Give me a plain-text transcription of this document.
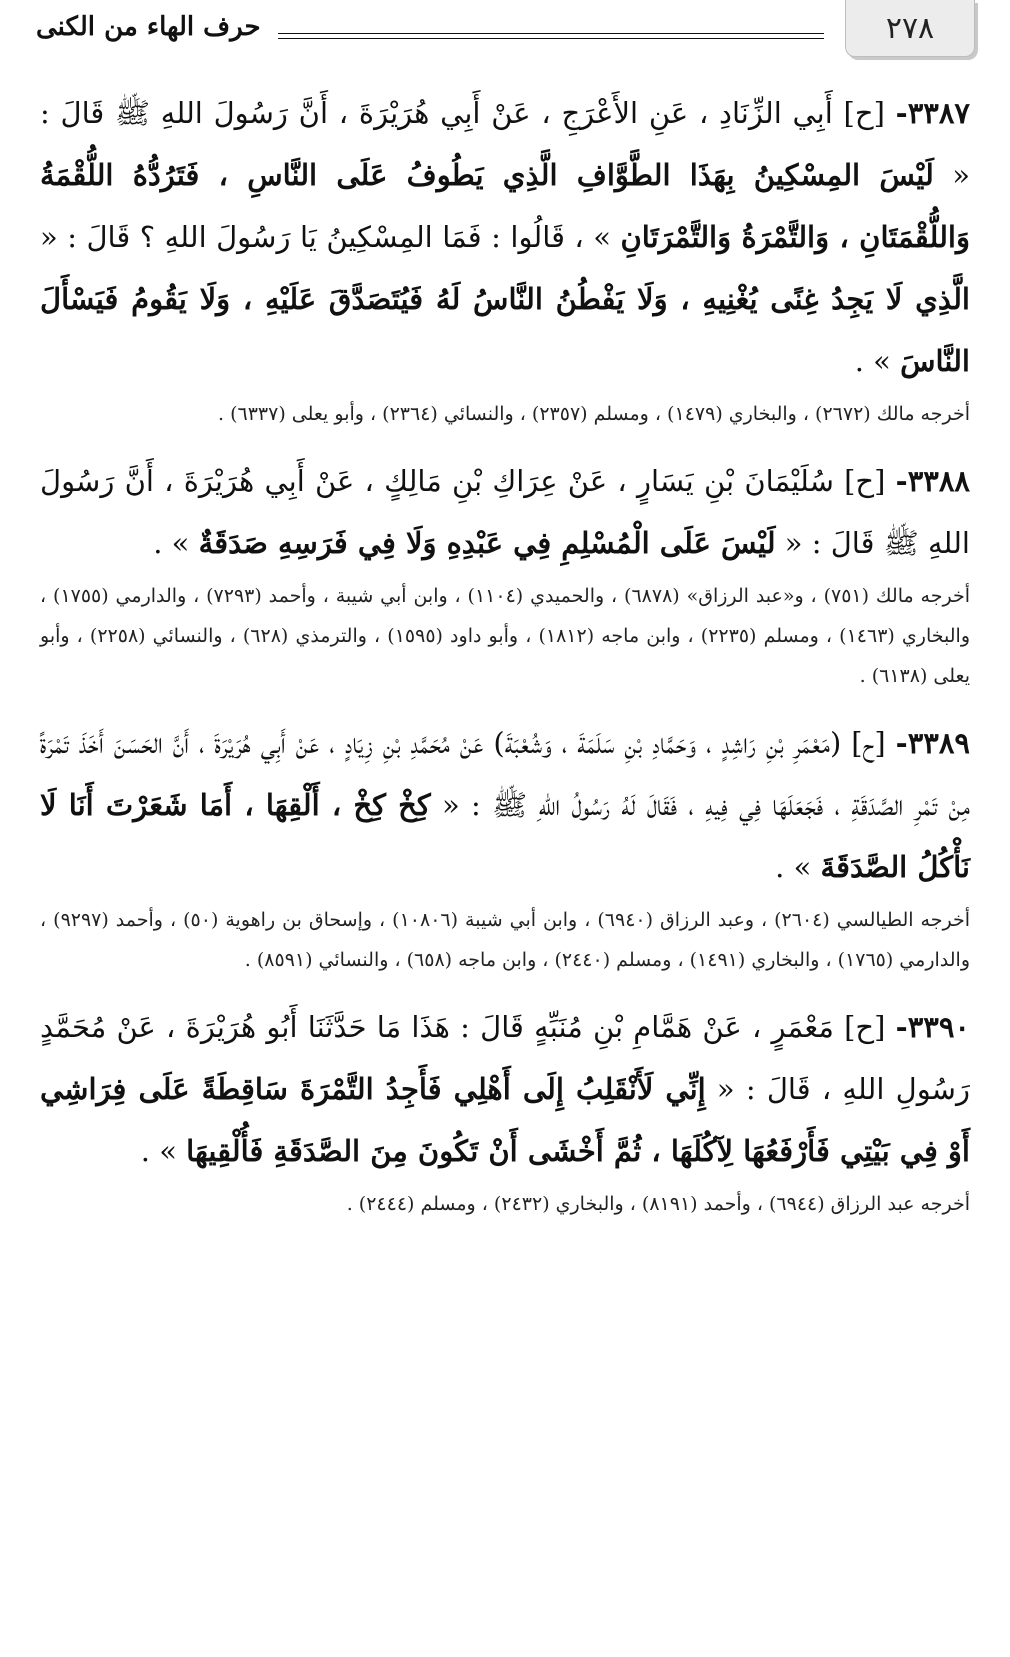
٢٧٨
حرف الهاء من الكنى

٣٣٨٧- [ح] أَبِي الزِّنَادِ ، عَنِ الأَعْرَجِ ، عَنْ أَبِي هُرَيْرَةَ ، أَنَّ رَسُولَ اللهِ ﷺ قَالَ : « لَيْسَ المِسْكِينُ بِهَذَا الطَّوَّافِ الَّذِي يَطُوفُ عَلَى النَّاسِ ، فَتَرُدُّهُ اللُّقْمَةُ وَاللُّقْمَتَانِ ، وَالتَّمْرَةُ وَالتَّمْرَتَانِ » ، قَالُوا : فَمَا المِسْكِينُ يَا رَسُولَ اللهِ ؟ قَالَ : « الَّذِي لَا يَجِدُ غِنًى يُغْنِيهِ ، وَلَا يَفْطُنُ النَّاسُ لَهُ فَيُتَصَدَّقَ عَلَيْهِ ، وَلَا يَقُومُ فَيَسْأَلَ النَّاسَ » .

أخرجه مالك (٢٦٧٢) ، والبخاري (١٤٧٩) ، ومسلم (٢٣٥٧) ، والنسائي (٢٣٦٤) ، وأبو يعلى (٦٣٣٧) .

٣٣٨٨- [ح] سُلَيْمَانَ بْنِ يَسَارٍ ، عَنْ عِرَاكِ بْنِ مَالِكٍ ، عَنْ أَبِي هُرَيْرَةَ ، أَنَّ رَسُولَ اللهِ ﷺ قَالَ : « لَيْسَ عَلَى الْمُسْلِمِ فِي عَبْدِهِ وَلَا فِي فَرَسِهِ صَدَقَةٌ » .

أخرجه مالك (٧٥١) ، و«عبد الرزاق» (٦٨٧٨) ، والحميدي (١١٠٤) ، وابن أبي شيبة ، وأحمد (٧٢٩٣) ، والدارمي (١٧٥٥) ، والبخاري (١٤٦٣) ، ومسلم (٢٢٣٥) ، وابن ماجه (١٨١٢) ، وأبو داود (١٥٩٥) ، والترمذي (٦٢٨) ، والنسائي (٢٢٥٨) ، وأبو يعلى (٦١٣٨) .

٣٣٨٩- [ح] (مَعْمَرِ بْنِ رَاشِدٍ ، وَحَمَّادِ بْنِ سَلَمَةَ ، وَشُعْبَةَ) عَنْ مُحَمَّدِ بْنِ زِيَادٍ ، عَنْ أَبِي هُرَيْرَةَ ، أَنَّ الحَسَنَ أَخَذَ تَمْرَةً مِنْ تَمْرِ الصَّدَقَةِ ، فَجَعَلَهَا فِي فِيهِ ، فَقَالَ لَهُ رَسُولُ اللهِ ﷺ : « كِخْ كِخْ ، أَلْقِهَا ، أَمَا شَعَرْتَ أَنَا لَا نَأْكُلُ الصَّدَقَةَ » .

أخرجه الطيالسي (٢٦٠٤) ، وعبد الرزاق (٦٩٤٠) ، وابن أبي شيبة (١٠٨٠٦) ، وإسحاق بن راهوية (٥٠) ، وأحمد (٩٢٩٧) ، والدارمي (١٧٦٥) ، والبخاري (١٤٩١) ، ومسلم (٢٤٤٠) ، وابن ماجه (٦٥٨) ، والنسائي (٨٥٩١) .

٣٣٩٠- [ح] مَعْمَرٍ ، عَنْ هَمَّامِ بْنِ مُنَبِّهٍ قَالَ : هَذَا مَا حَدَّثَنَا أَبُو هُرَيْرَةَ ، عَنْ مُحَمَّدٍ رَسُولِ اللهِ ، قَالَ : « إِنِّي لَأَنْقَلِبُ إِلَى أَهْلِي فَأَجِدُ التَّمْرَةَ سَاقِطَةً عَلَى فِرَاشِي أَوْ فِي بَيْتِي فَأَرْفَعُهَا لِآكُلَهَا ، ثُمَّ أَخْشَى أَنْ تَكُونَ مِنَ الصَّدَقَةِ فَأُلْقِيهَا » .

أخرجه عبد الرزاق (٦٩٤٤) ، وأحمد (٨١٩١) ، والبخاري (٢٤٣٢) ، ومسلم (٢٤٤٤) .
